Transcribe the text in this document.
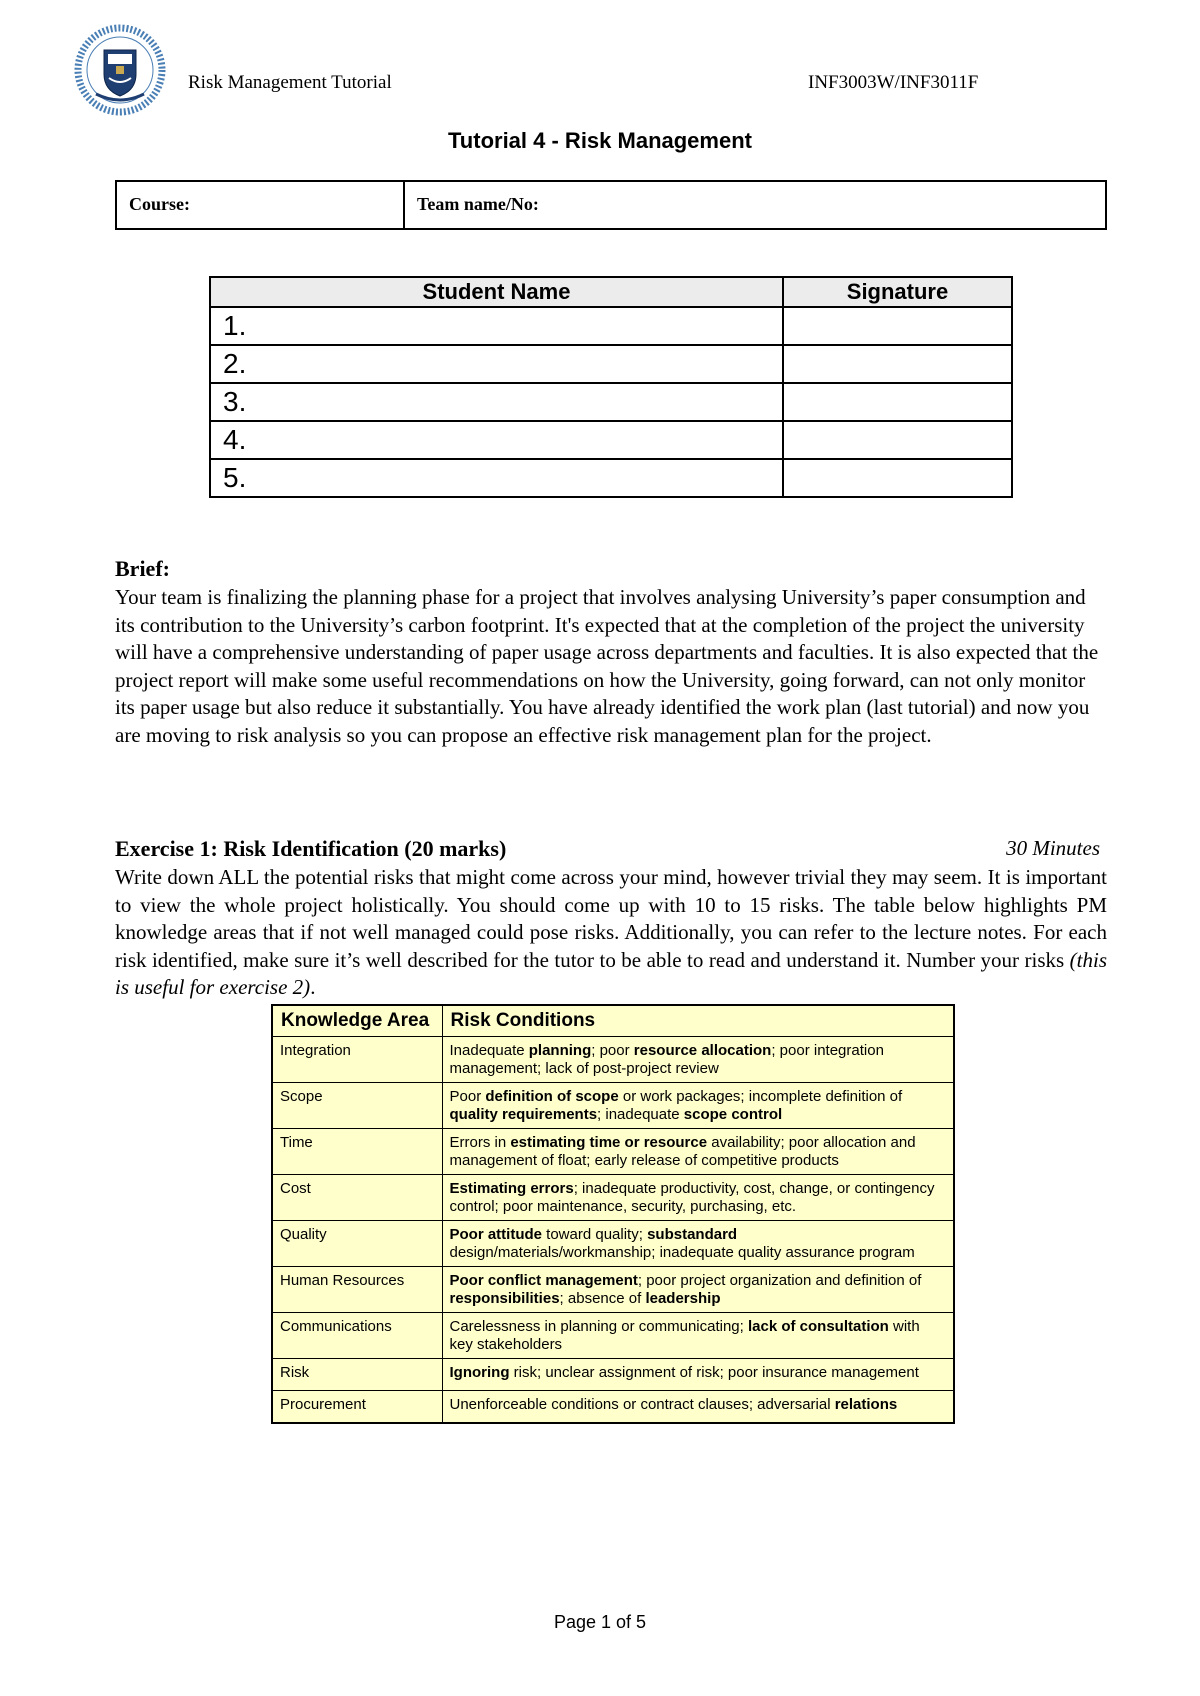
Risk Management Tutorial	INF3003W/INF3011F
Tutorial 4 - Risk Management
Course:	Team name/No:
Student Name	Signature
1.	
2.	
3.	
4.	
5.	
Brief:

Your team is finalizing the planning phase for a project that involves analysing University’s paper consumption and its contribution to the University’s carbon footprint. It's expected that at the completion of the project the university will have a comprehensive understanding of paper usage across departments and faculties. It is also expected that the project report will make some useful recommendations on how the University, going forward, can not only monitor its paper usage but also reduce it substantially. You have already identified the work plan (last tutorial) and now you are moving to risk analysis so you can propose an effective risk management plan for the project.

Exercise 1: Risk Identification (20 marks)	30 Minutes

Write down ALL the potential risks that might come across your mind, however trivial they may seem. It is important to view the whole project holistically. You should come up with 10 to 15 risks. The table below highlights PM knowledge areas that if not well managed could pose risks. Additionally, you can refer to the lecture notes. For each risk identified, make sure it’s well described for the tutor to be able to read and understand it. Number your risks (this is useful for exercise 2).

Knowledge Area	Risk Conditions
Integration	Inadequate planning; poor resource allocation; poor integration management; lack of post-project review
Scope	Poor definition of scope or work packages; incomplete definition of quality requirements; inadequate scope control
Time	Errors in estimating time or resource availability; poor allocation and management of float; early release of competitive products
Cost	Estimating errors; inadequate productivity, cost, change, or contingency control; poor maintenance, security, purchasing, etc.
Quality	Poor attitude toward quality; substandard design/materials/workmanship; inadequate quality assurance program
Human Resources	Poor conflict management; poor project organization and definition of responsibilities; absence of leadership
Communications	Carelessness in planning or communicating; lack of consultation with key stakeholders
Risk	Ignoring risk; unclear assignment of risk; poor insurance management
Procurement	Unenforceable conditions or contract clauses; adversarial relations
Page 1 of 5
